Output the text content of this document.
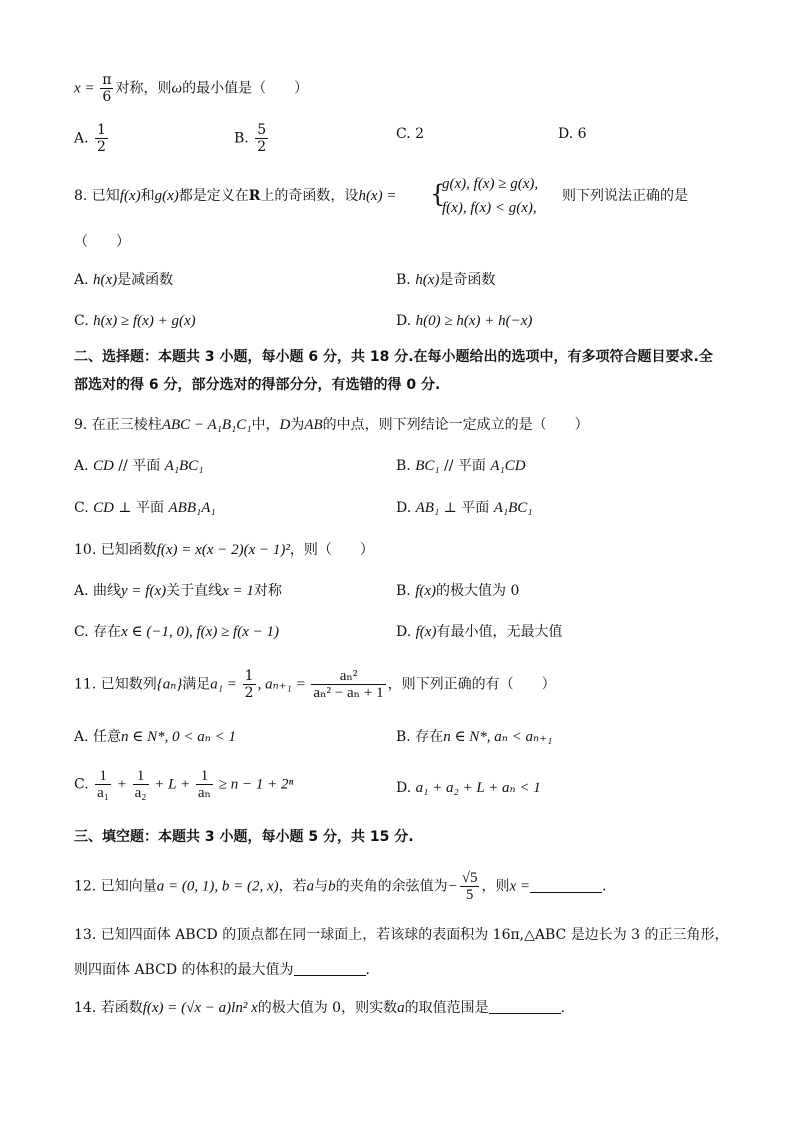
$x = \frac{\pi}{6}$ 对称，则ω的最小值是（　　）
A. $\frac{1}{2}$	B. $\frac{5}{2}$	C. 2	D. 6
8. 已知f(x)和g(x)都是定义在R上的奇函数，设h(x) = {
g(x), f(x) ≥ g(x),
f(x), f(x) < g(x),
则下列说法正确的是
（　　）
A. h(x)是减函数	B. h(x)是奇函数
C. h(x) ≥ f(x) + g(x)	D. h(0) ≥ h(x) + h(−x)
二、选择题：本题共 3 小题，每小题 6 分，共 18 分.在每小题给出的选项中，有多项符合题目要求.全部选对的得 6 分，部分选对的得部分分，有选错的得 0 分.
9. 在正三棱柱ABC − A₁B₁C₁中，D为AB的中点，则下列结论一定成立的是（　　）
A. CD // 平面 A₁BC₁	B. BC₁ // 平面 A₁CD
C. CD ⊥ 平面 ABB₁A₁	D. AB₁ ⊥ 平面 A₁BC₁
10. 已知函数f(x) = x(x − 2)(x − 1)²，则（　　）
A. 曲线y = f(x)关于直线x = 1对称	B. f(x)的极大值为 0
C. 存在x ∈ (−1, 0), f(x) ≥ f(x − 1)	D. f(x)有最小值，无最大值
11. 已知数列{aₙ}满足$a_1 = \frac{1}{2}$ , $a_{n+1} = \frac{\text{aₙ²}}{\text{aₙ² − aₙ + 1}}$ ，则下列正确的有（　　）
A. 任意n ∈ N*, 0 < aₙ < 1	B. 存在n ∈ N*, aₙ < aₙ₊₁
C. $\frac{1}{\text{a₁}} + \frac{1}{\text{a₂}} + L + \frac{1}{\text{aₙ}} \ge n - 1 + 2^n$	D. a₁ + a₂ + L + aₙ < 1
三、填空题：本题共 3 小题，每小题 5 分，共 15 分.
12. 已知向量a = (0, 1), b = (2, x)，若a与b的夹角的余弦值为− $\frac{√5}{5}$ ，则x =	.
13. 已知四面体 ABCD 的顶点都在同一球面上，若该球的表面积为 16π,△ABC 是边长为 3 的正三角形，
则四面体 ABCD 的体积的最大值为	.
14. 若函数f(x) = (√x − a)ln² x的极大值为 0，则实数a的取值范围是	.
